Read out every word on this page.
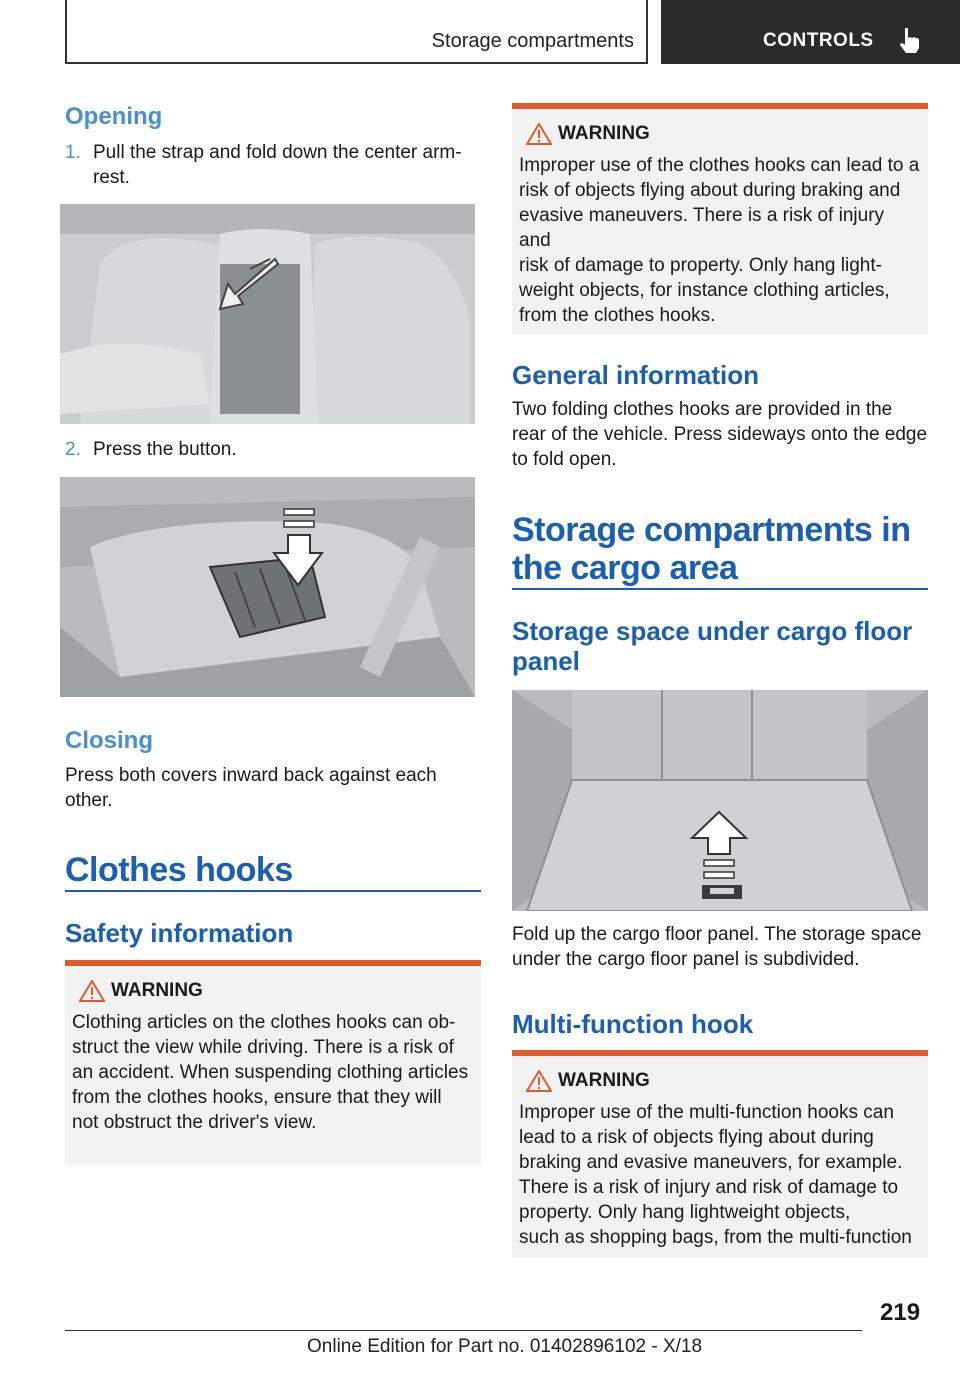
Storage compartments	CONTROLS
Opening
1. Pull the strap and fold down the center arm‐
rest.
2. Press the button.
Closing
Press both covers inward back against each
other.
Clothes hooks
Safety information
WARNING
Clothing articles on the clothes hooks can ob‐
struct the view while driving. There is a risk of
an accident. When suspending clothing articles
from the clothes hooks, ensure that they will
not obstruct the driver's view.
WARNING
Improper use of the clothes hooks can lead to a
risk of objects flying about during braking and
evasive maneuvers. There is a risk of injury and
risk of damage to property. Only hang light‐
weight objects, for instance clothing articles,
from the clothes hooks.
General information
Two folding clothes hooks are provided in the
rear of the vehicle. Press sideways onto the edge
to fold open.
Storage compartments in
the cargo area
Storage space under cargo floor
panel
Fold up the cargo floor panel. The storage space
under the cargo floor panel is subdivided.
Multi-function hook
WARNING
Improper use of the multi-function hooks can
lead to a risk of objects flying about during
braking and evasive maneuvers, for example.
There is a risk of injury and risk of damage to
property. Only hang lightweight objects,
such as shopping bags, from the multi-function
219
Online Edition for Part no. 01402896102 - X/18
